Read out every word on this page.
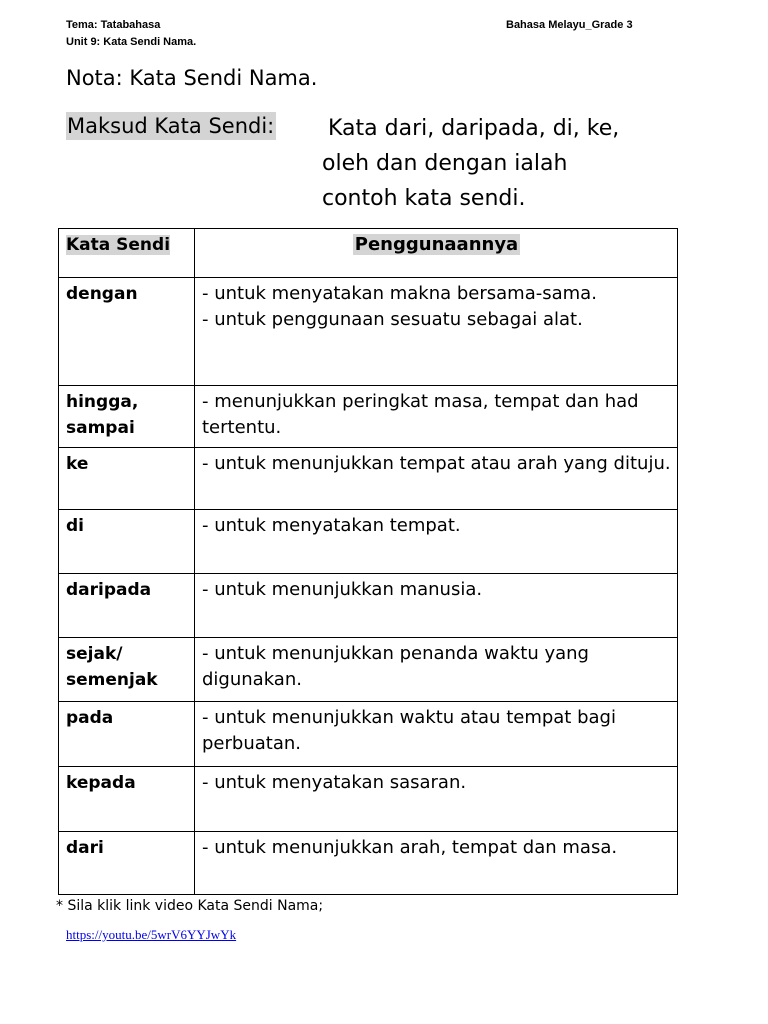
Tema: Tatabahasa
Unit 9: Kata Sendi Nama.
Bahasa Melayu_Grade 3
Nota: Kata Sendi Nama.
Maksud Kata Sendi: Kata dari, daripada, di, ke,
oleh dan dengan ialah
contoh kata sendi.
Kata Sendi	Penggunaannya
dengan	- untuk menyatakan makna bersama-sama.
- untuk penggunaan sesuatu sebagai alat.

hingga, sampai	- menunjukkan peringkat masa, tempat dan had tertentu.

ke	- untuk menunjukkan tempat atau arah yang dituju.

di	- untuk menyatakan tempat.

daripada	- untuk menunjukkan manusia.

sejak/ semenjak	- untuk menunjukkan penanda waktu yang digunakan.

pada	- untuk menunjukkan waktu atau tempat bagi perbuatan.

kepada	- untuk menyatakan sasaran.

dari	- untuk menunjukkan arah, tempat dan masa.
* Sila klik link video Kata Sendi Nama;
https://youtu.be/5wrV6YYJwYk
